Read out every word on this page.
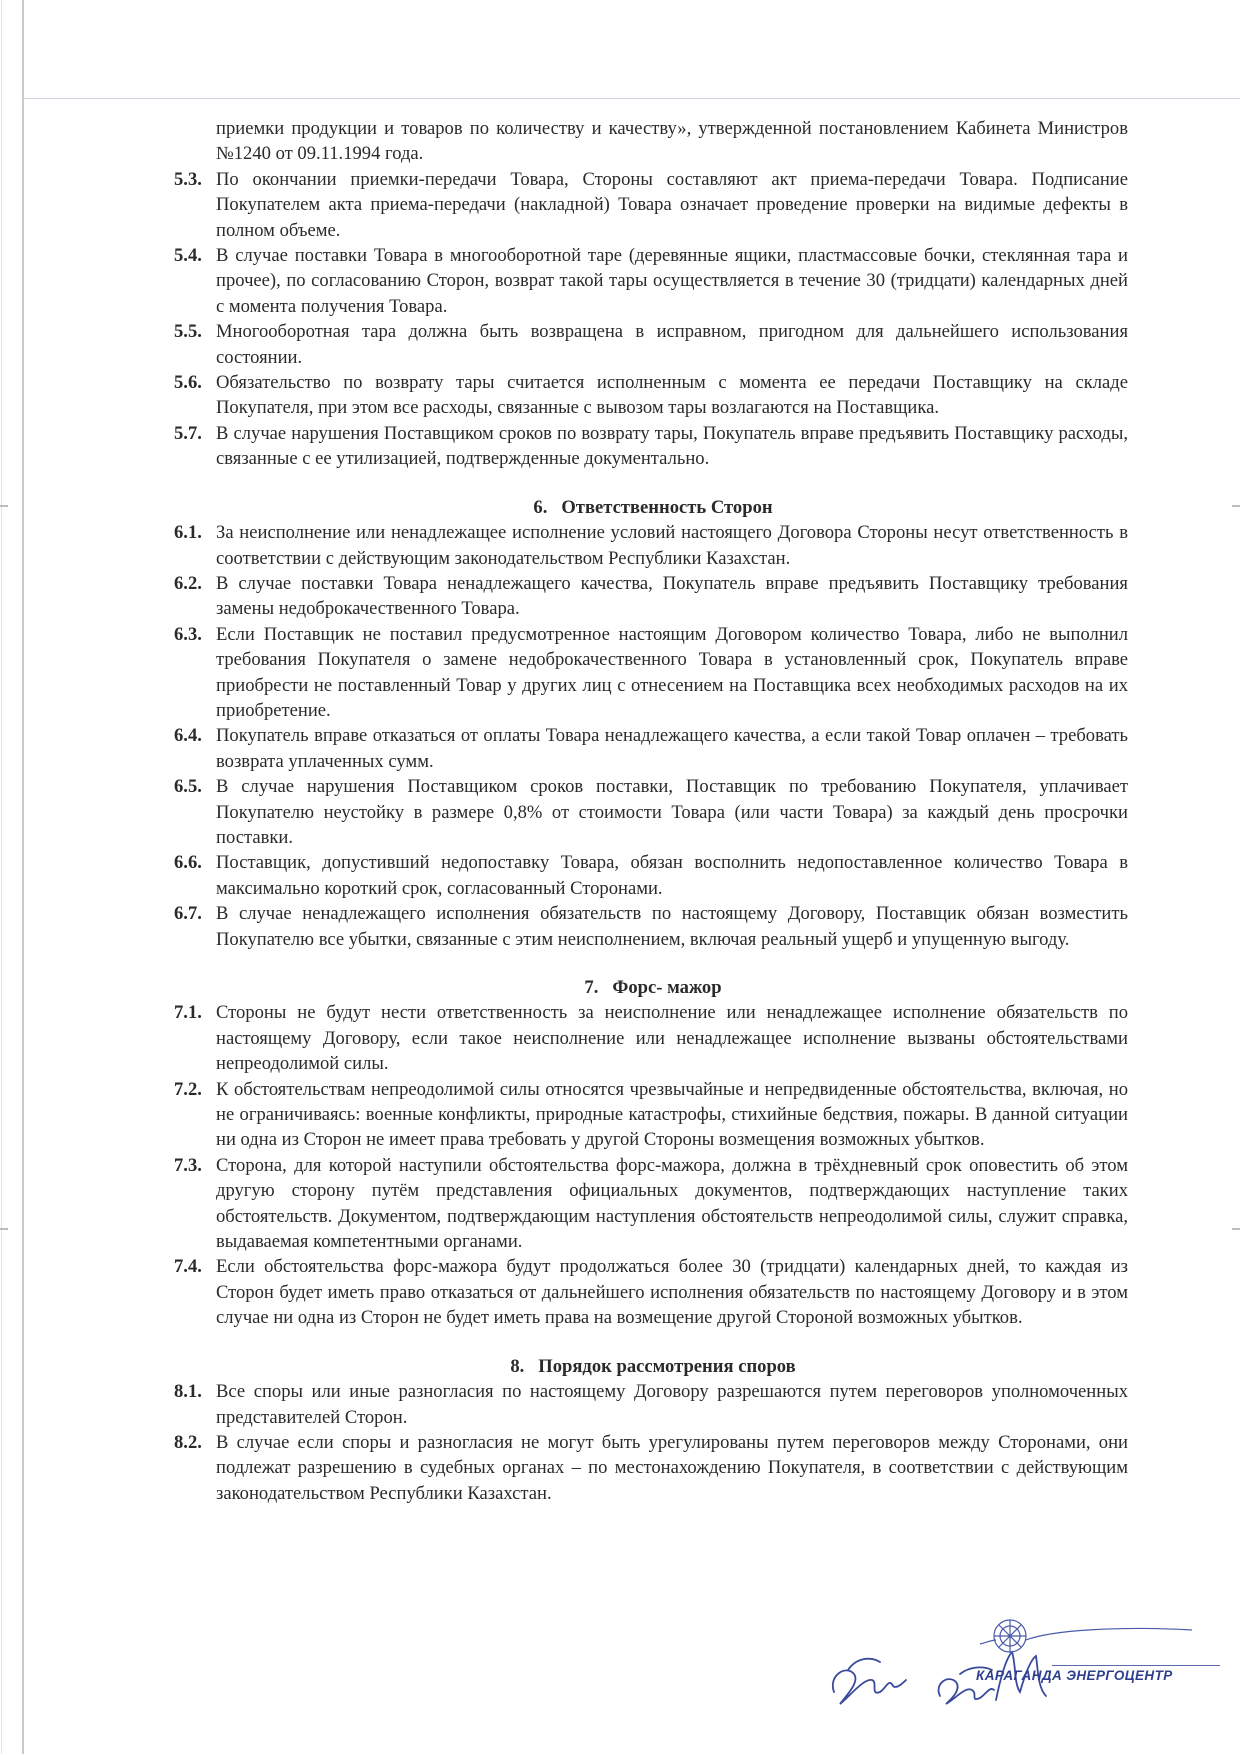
приемки продукции и товаров по количеству и качеству», утвержденной постановлением Кабинета Министров №1240 от 09.11.1994 года.

5.3. По окончании приемки-передачи Товара, Стороны составляют акт приема-передачи Товара. Подписание Покупателем акта приема-передачи (накладной) Товара означает проведение проверки на видимые дефекты в полном объеме.
5.4. В случае поставки Товара в многооборотной таре (деревянные ящики, пластмассовые бочки, стеклянная тара и прочее), по согласованию Сторон, возврат такой тары осуществляется в течение 30 (тридцати) календарных дней с момента получения Товара.
5.5. Многооборотная тара должна быть возвращена в исправном, пригодном для дальнейшего использования состоянии.
5.6. Обязательство по возврату тары считается исполненным с момента ее передачи Поставщику на складе Покупателя, при этом все расходы, связанные с вывозом тары возлагаются на Поставщика.
5.7. В случае нарушения Поставщиком сроков по возврату тары, Покупатель вправе предъявить Поставщику расходы, связанные с ее утилизацией, подтвержденные документально.
6. Ответственность Сторон
6.1. За неисполнение или ненадлежащее исполнение условий настоящего Договора Стороны несут ответственность в соответствии с действующим законодательством Республики Казахстан.
6.2. В случае поставки Товара ненадлежащего качества, Покупатель вправе предъявить Поставщику требования замены недоброкачественного Товара.
6.3. Если Поставщик не поставил предусмотренное настоящим Договором количество Товара, либо не выполнил требования Покупателя о замене недоброкачественного Товара в установленный срок, Покупатель вправе приобрести не поставленный Товар у других лиц с отнесением на Поставщика всех необходимых расходов на их приобретение.
6.4. Покупатель вправе отказаться от оплаты Товара ненадлежащего качества, а если такой Товар оплачен – требовать возврата уплаченных сумм.
6.5. В случае нарушения Поставщиком сроков поставки, Поставщик по требованию Покупателя, уплачивает Покупателю неустойку в размере 0,8% от стоимости Товара (или части Товара) за каждый день просрочки поставки.
6.6. Поставщик, допустивший недопоставку Товара, обязан восполнить недопоставленное количество Товара в максимально короткий срок, согласованный Сторонами.
6.7. В случае ненадлежащего исполнения обязательств по настоящему Договору, Поставщик обязан возместить Покупателю все убытки, связанные с этим неисполнением, включая реальный ущерб и упущенную выгоду.
7. Форс- мажор
7.1. Стороны не будут нести ответственность за неисполнение или ненадлежащее исполнение обязательств по настоящему Договору, если такое неисполнение или ненадлежащее исполнение вызваны обстоятельствами непреодолимой силы.
7.2. К обстоятельствам непреодолимой силы относятся чрезвычайные и непредвиденные обстоятельства, включая, но не ограничиваясь: военные конфликты, природные катастрофы, стихийные бедствия, пожары. В данной ситуации ни одна из Сторон не имеет права требовать у другой Стороны возмещения возможных убытков.
7.3. Сторона, для которой наступили обстоятельства форс-мажора, должна в трёхдневный срок оповестить об этом другую сторону путём представления официальных документов, подтверждающих наступление таких обстоятельств. Документом, подтверждающим наступления обстоятельств непреодолимой силы, служит справка, выдаваемая компетентными органами.
7.4. Если обстоятельства форс-мажора будут продолжаться более 30 (тридцати) календарных дней, то каждая из Сторон будет иметь право отказаться от дальнейшего исполнения обязательств по настоящему Договору и в этом случае ни одна из Сторон не будет иметь права на возмещение другой Стороной возможных убытков.
8. Порядок рассмотрения споров
8.1. Все споры или иные разногласия по настоящему Договору разрешаются путем переговоров уполномоченных представителей Сторон.
8.2. В случае если споры и разногласия не могут быть урегулированы путем переговоров между Сторонами, они подлежат разрешению в судебных органах – по местонахождению Покупателя, в соответствии с действующим законодательством Республики Казахстан.
КАРАГАНДА ЭНЕРГОЦЕНТР
